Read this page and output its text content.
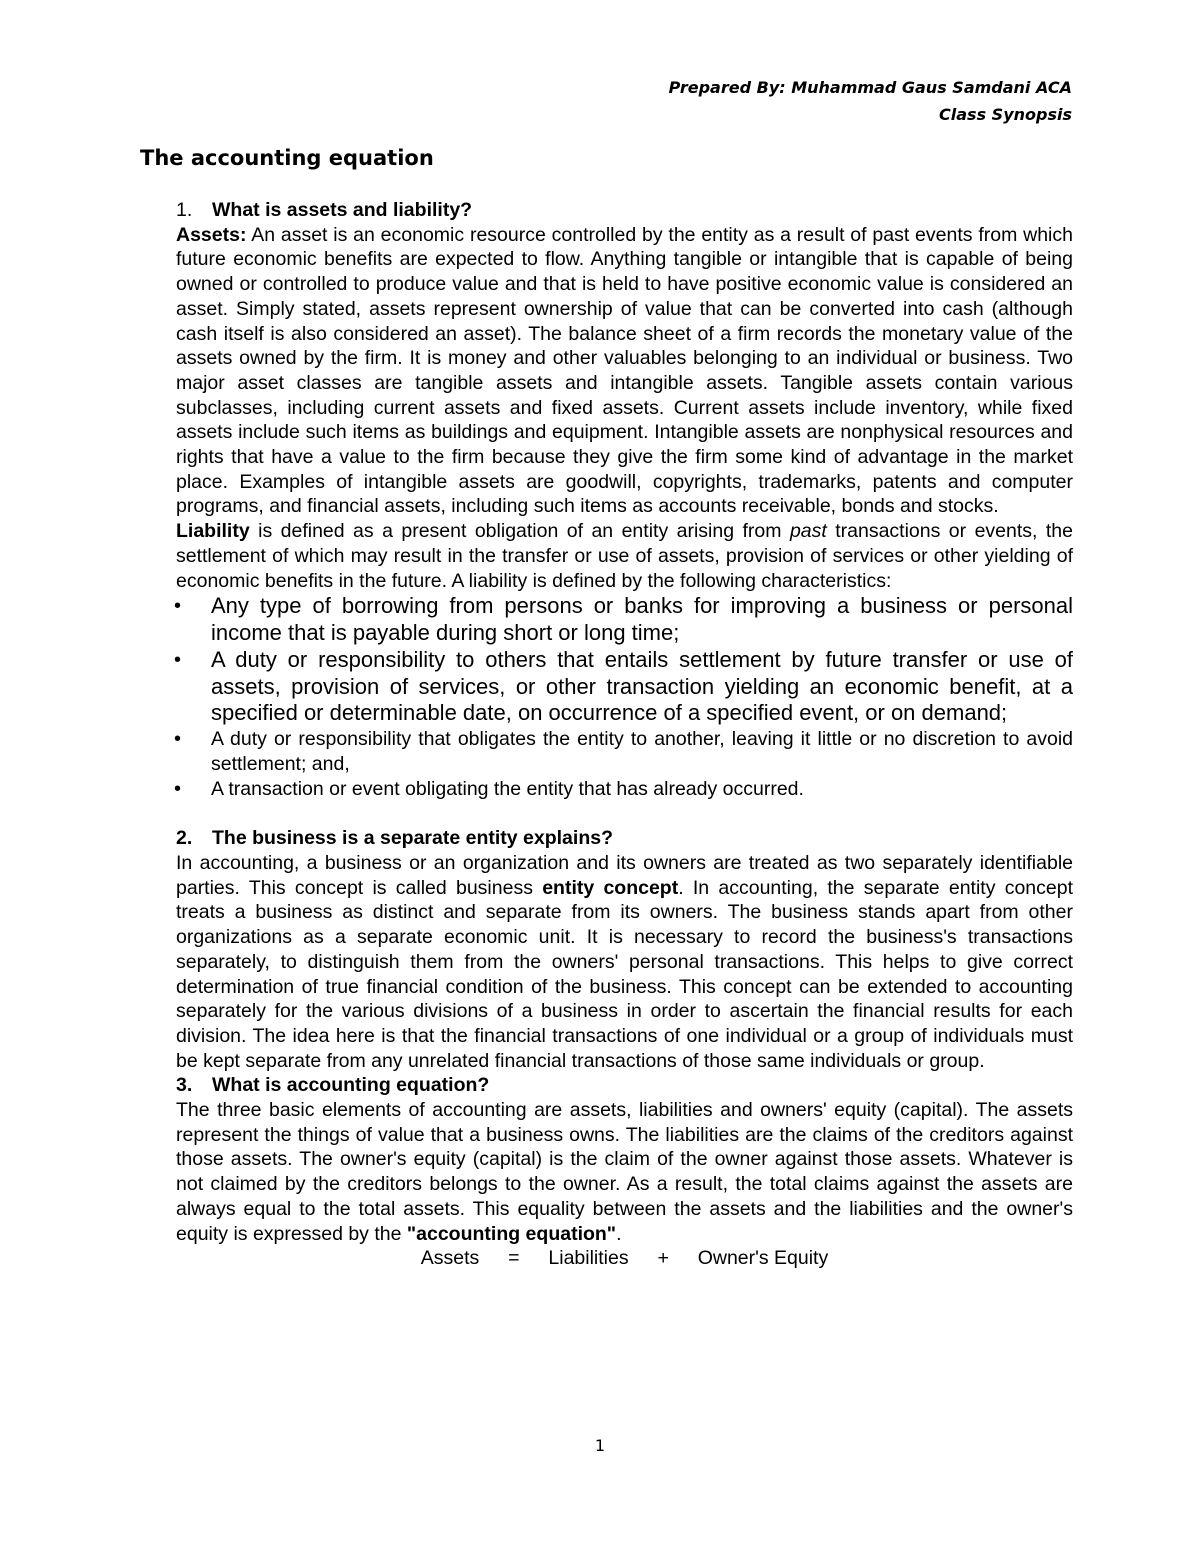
Prepared By: Muhammad Gaus Samdani ACA
Class Synopsis
The accounting equation
1. What is assets and liability?

Assets: An asset is an economic resource controlled by the entity as a result of past events from which future economic benefits are expected to flow. Anything tangible or intangible that is capable of being owned or controlled to produce value and that is held to have positive economic value is considered an asset. Simply stated, assets represent ownership of value that can be converted into cash (although cash itself is also considered an asset). The balance sheet of a firm records the monetary value of the assets owned by the firm. It is money and other valuables belonging to an individual or business. Two major asset classes are tangible assets and intangible assets. Tangible assets contain various subclasses, including current assets and fixed assets. Current assets include inventory, while fixed assets include such items as buildings and equipment. Intangible assets are nonphysical resources and rights that have a value to the firm because they give the firm some kind of advantage in the market place. Examples of intangible assets are goodwill, copyrights, trademarks, patents and computer programs, and financial assets, including such items as accounts receivable, bonds and stocks.

Liability is defined as a present obligation of an entity arising from past transactions or events, the settlement of which may result in the transfer or use of assets, provision of services or other yielding of economic benefits in the future. A liability is defined by the following characteristics:

• Any type of borrowing from persons or banks for improving a business or personal income that is payable during short or long time;
• A duty or responsibility to others that entails settlement by future transfer or use of assets, provision of services, or other transaction yielding an economic benefit, at a specified or determinable date, on occurrence of a specified event, or on demand;
• A duty or responsibility that obligates the entity to another, leaving it little or no discretion to avoid settlement; and,
• A transaction or event obligating the entity that has already occurred.
2. The business is a separate entity explains?

In accounting, a business or an organization and its owners are treated as two separately identifiable parties. This concept is called business entity concept. In accounting, the separate entity concept treats a business as distinct and separate from its owners. The business stands apart from other organizations as a separate economic unit. It is necessary to record the business's transactions separately, to distinguish them from the owners' personal transactions. This helps to give correct determination of true financial condition of the business. This concept can be extended to accounting separately for the various divisions of a business in order to ascertain the financial results for each division. The idea here is that the financial transactions of one individual or a group of individuals must be kept separate from any unrelated financial transactions of those same individuals or group.

3. What is accounting equation?

The three basic elements of accounting are assets, liabilities and owners' equity (capital). The assets represent the things of value that a business owns. The liabilities are the claims of the creditors against those assets. The owner's equity (capital) is the claim of the owner against those assets. Whatever is not claimed by the creditors belongs to the owner. As a result, the total claims against the assets are always equal to the total assets. This equality between the assets and the liabilities and the owner's equity is expressed by the "accounting equation".

Assets = Liabilities + Owner's Equity
1
